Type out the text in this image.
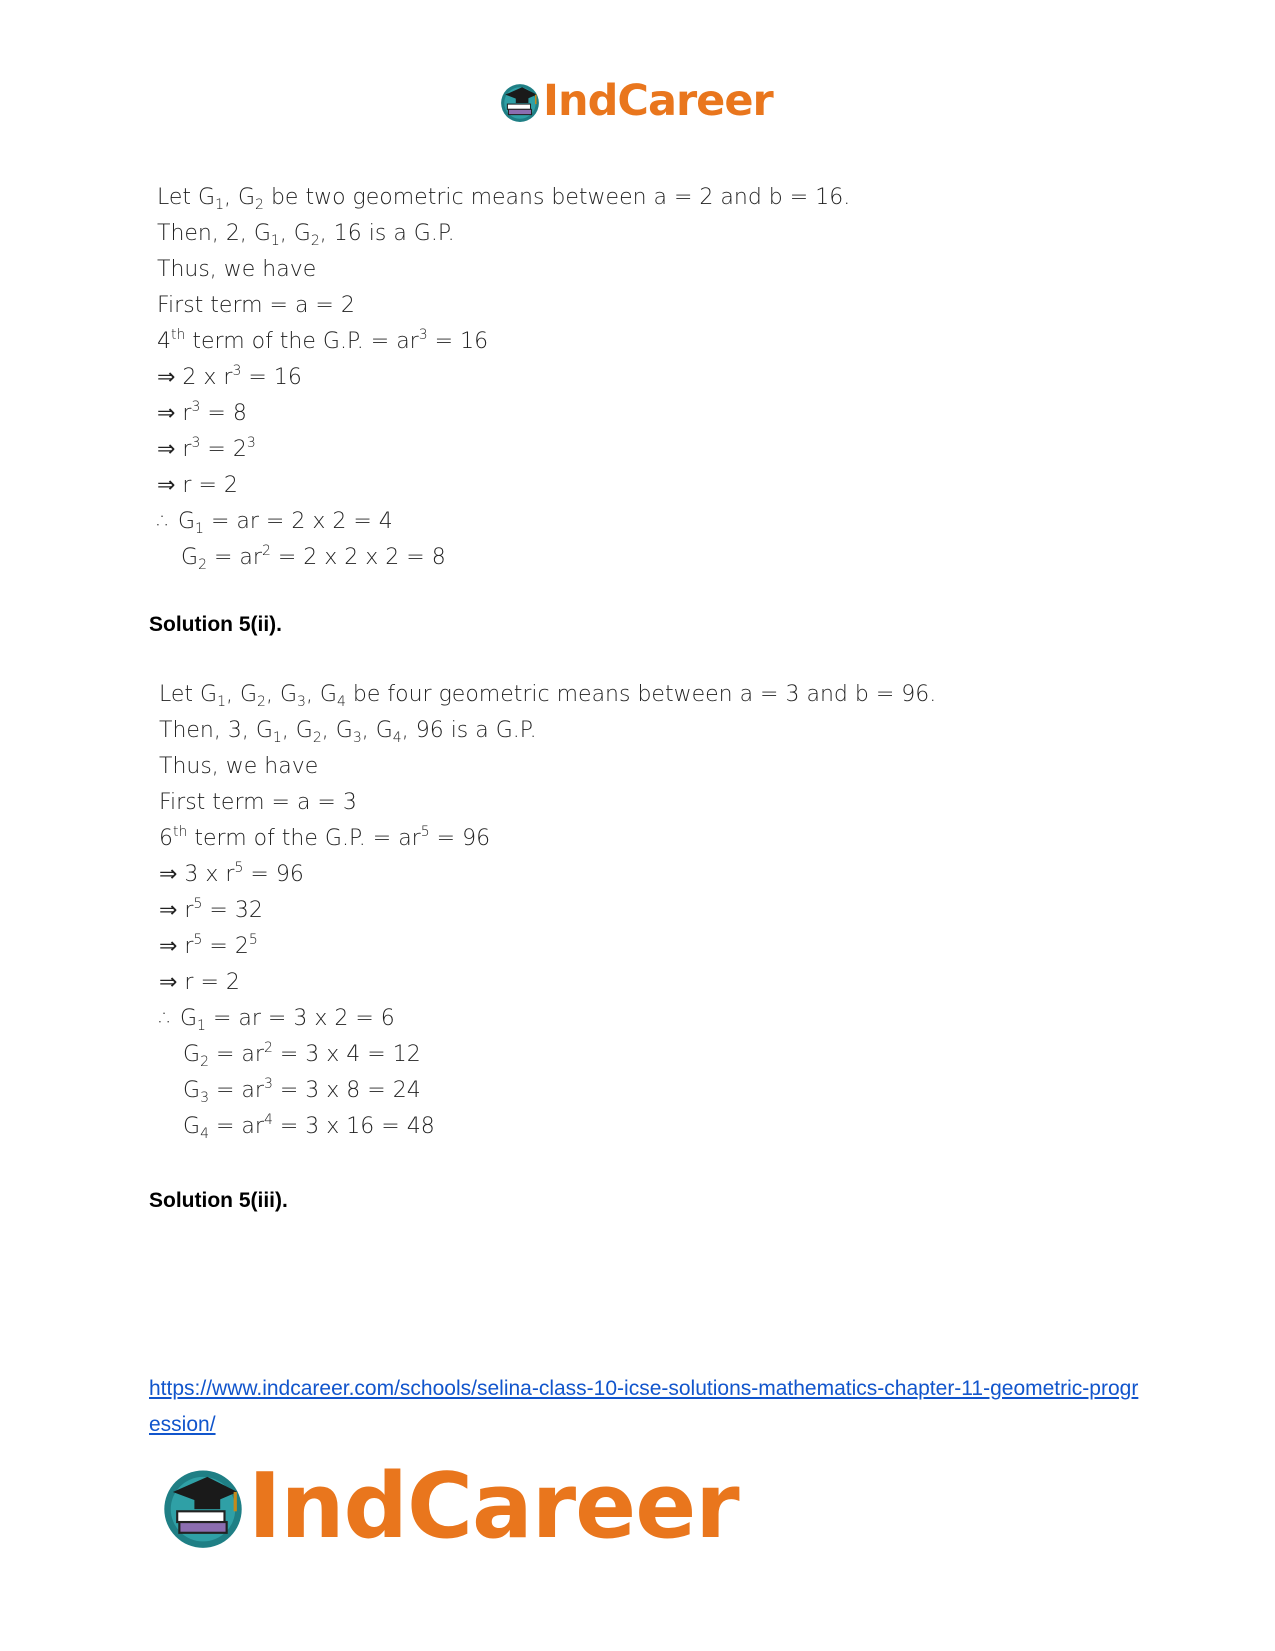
IndCareer
Let $G_1$, $G_2$ be two geometric means between a = 2 and b = 16.
Then, 2, $G_1$, $G_2$, 16 is a G.P.
Thus, we have
First term = a = 2
4th term of the G.P. = $ar^3 = 16$
⇒ 2 x $r^3 = 16$
⇒ $r^3 = 8$
⇒ $r^3 = 2^3$
⇒ r = 2
∴ $G_1$ = ar = 2 x 2 = 4
$G_2 = ar^2 = 2$ x 2 x 2 = 8
Solution 5(ii).
Let $G_1$, $G_2$, $G_3$, $G_4$ be four geometric means between a = 3 and b = 96.
Then, 3, $G_1$, $G_2$, $G_3$, $G_4$, 96 is a G.P.
Thus, we have
First term = a = 3
6th term of the G.P. = $ar^5 = 96$
⇒ 3 x $r^5 = 96$
⇒ $r^5 = 32$
⇒ $r^5 = 2^5$
⇒ r = 2
∴ $G_1$ = ar = 3 x 2 = 6
$G_2 = ar^2 = 3$ x 4 = 12
$G_3 = ar^3 = 3$ x 8 = 24
$G_4 = ar^4 = 3$ x 16 = 48
Solution 5(iii).
https://www.indcareer.com/schools/selina-class-10-icse-solutions-mathematics-chapter-11-geometric-progression/
IndCareer
